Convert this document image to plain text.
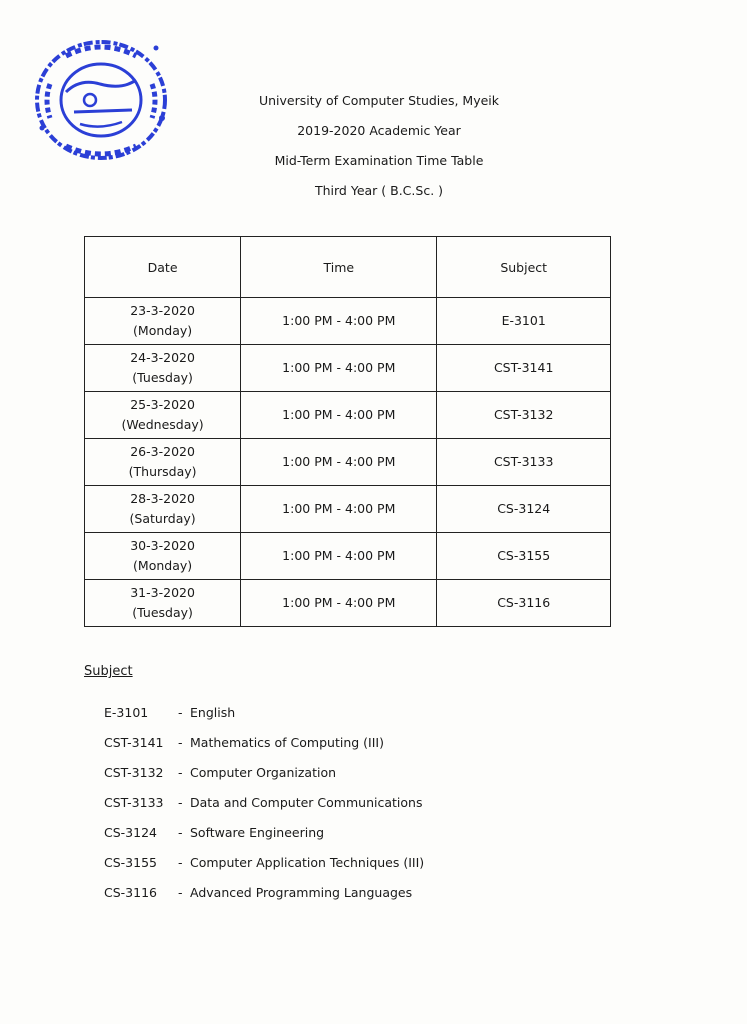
University of Computer Studies, Myeik
2019-2020 Academic Year
Mid-Term Examination Time Table
Third Year ( B.C.Sc. )
Date	Time	Subject
23-3-2020
(Monday)	1:00 PM - 4:00 PM	E-3101
24-3-2020
(Tuesday)	1:00 PM - 4:00 PM	CST-3141
25-3-2020
(Wednesday)	1:00 PM - 4:00 PM	CST-3132
26-3-2020
(Thursday)	1:00 PM - 4:00 PM	CST-3133
28-3-2020
(Saturday)	1:00 PM - 4:00 PM	CS-3124
30-3-2020
(Monday)	1:00 PM - 4:00 PM	CS-3155
31-3-2020
(Tuesday)	1:00 PM - 4:00 PM	CS-3116
Subject
E-3101 - English
CST-3141 - Mathematics of Computing (III)
CST-3132 - Computer Organization
CST-3133 - Data and Computer Communications
CS-3124 - Software Engineering
CS-3155 - Computer Application Techniques (III)
CS-3116 - Advanced Programming Languages
